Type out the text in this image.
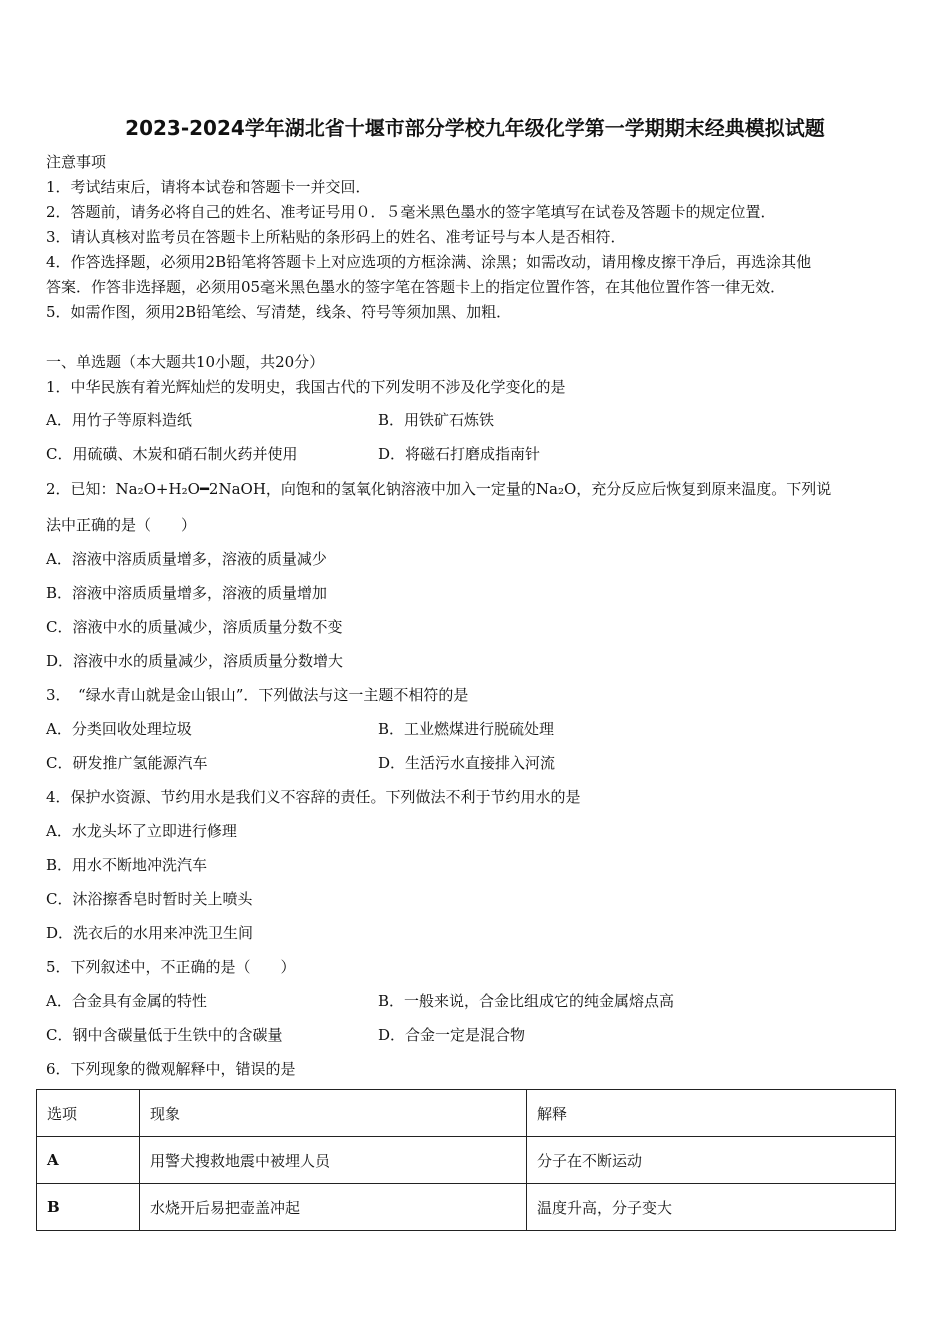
2023-2024学年湖北省十堰市部分学校九年级化学第一学期期末经典模拟试题
注意事项
1．考试结束后，请将本试卷和答题卡一并交回．
2．答题前，请务必将自己的姓名、准考证号用０．５毫米黑色墨水的签字笔填写在试卷及答题卡的规定位置．
3．请认真核对监考员在答题卡上所粘贴的条形码上的姓名、准考证号与本人是否相符．
4．作答选择题，必须用2B铅笔将答题卡上对应选项的方框涂满、涂黑；如需改动，请用橡皮擦干净后，再选涂其他
答案．作答非选择题，必须用05毫米黑色墨水的签字笔在答题卡上的指定位置作答，在其他位置作答一律无效．
5．如需作图，须用2B铅笔绘、写清楚，线条、符号等须加黑、加粗．
一、单选题（本大题共10小题，共20分）
1．中华民族有着光辉灿烂的发明史，我国古代的下列发明不涉及化学变化的是
A．用竹子等原料造纸	B．用铁矿石炼铁
C．用硫磺、木炭和硝石制火药并使用	D．将磁石打磨成指南针
2．已知：Na₂O+H₂O━2NaOH，向饱和的氢氧化钠溶液中加入一定量的Na₂O，充分反应后恢复到原来温度。下列说
法中正确的是（　　）
A．溶液中溶质质量增多，溶液的质量减少
B．溶液中溶质质量增多，溶液的质量增加
C．溶液中水的质量减少，溶质质量分数不变
D．溶液中水的质量减少，溶质质量分数增大
3．　“绿水青山就是金山银山”．下列做法与这一主题不相符的是
A．分类回收处理垃圾	B．工业燃煤进行脱硫处理
C．研发推广氢能源汽车	D．生活污水直接排入河流
4．保护水资源、节约用水是我们义不容辞的责任。下列做法不利于节约用水的是
A．水龙头坏了立即进行修理
B．用水不断地冲洗汽车
C．沐浴擦香皂时暂时关上喷头
D．洗衣后的水用来冲洗卫生间
5．下列叙述中，不正确的是（　　）
A．合金具有金属的特性	B．一般来说，合金比组成它的纯金属熔点高
C．钢中含碳量低于生铁中的含碳量	D．合金一定是混合物
6．下列现象的微观解释中，错误的是
选项	现象	解释
A	用警犬搜救地震中被埋人员	分子在不断运动
B	水烧开后易把壶盖冲起	温度升高，分子变大
